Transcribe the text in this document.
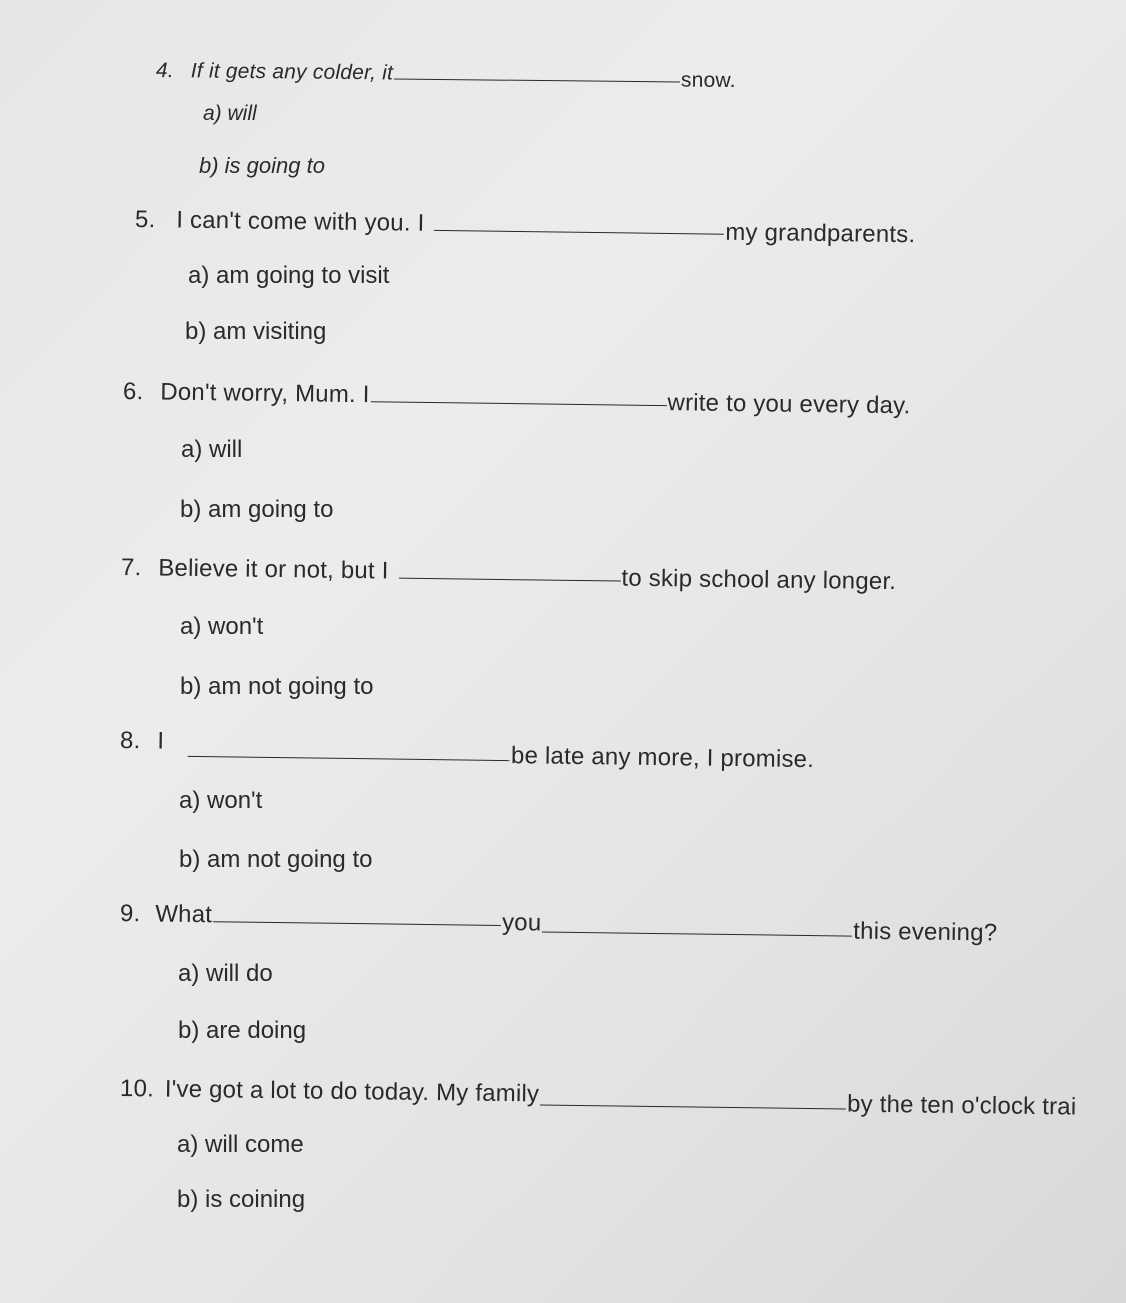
4. If it gets any colder, it	snow.
a) will
b) is going to
5. I can't come with you. I	my grandparents.
a) am going to visit
b) am visiting
6. Don't worry, Mum. I	write to you every day.
a) will
b) am going to
7. Believe it or not, but I	to skip school any longer.
a) won't
b) am not going to
8. Ibe late any more, I promise.
a) won't
b) am not going to
9. What	you	this evening?
a) will do
b) are doing
10. I've got a lot to do today. My family	by the ten o'clock trai
a) will come
b) is coining
